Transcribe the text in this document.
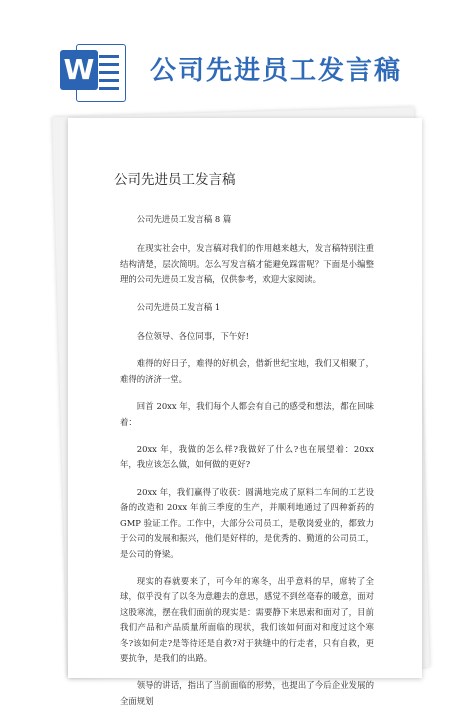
W 公司先进员工发言稿
公司先进员工发言稿

公司先进员工发言稿 8 篇

在现实社会中，发言稿对我们的作用越来越大，发言稿特别注重结构清楚，层次简明。怎么写发言稿才能避免踩雷呢？下面是小编整理的公司先进员工发言稿，仅供参考，欢迎大家阅读。

公司先进员工发言稿 1

各位领导、各位同事，下午好!

难得的好日子，难得的好机会，借新世纪宝地，我们又相聚了，难得的济济一堂。

回首 20xx 年，我们每个人都会有自己的感受和想法，都在回味着：

20xx 年，我做的怎么样?我做好了什么?也在展望着：20xx 年，我应该怎么做，如何做的更好?

20xx 年，我们赢得了收获：圆满地完成了原料二车间的工艺设备的改造和 20xx 年前三季度的生产，并顺利地通过了四种新药的 GMP 验证工作。工作中，大部分公司员工，是敬岗爱业的，都致力于公司的发展和振兴，他们是好样的，是优秀的、勤道的公司员工，是公司的脊梁。

现实的春就要来了，可今年的寒冬，出乎意料的早，席转了全球，似乎没有了以冬为意趣去的意思，感觉不到丝毫春的暖意，面对这股寒流，摆在我们面前的现实是：需要静下来思索和面对了，目前我们产品和产品质量所面临的现状，我们该如何面对和度过这个寒冬?该如何走?是等待还是自救?对于狭缝中的行走者，只有自救，更要抗争，是我们的出路。

领导的讲话，指出了当前面临的形势，也提出了今后企业发展的全面规划
